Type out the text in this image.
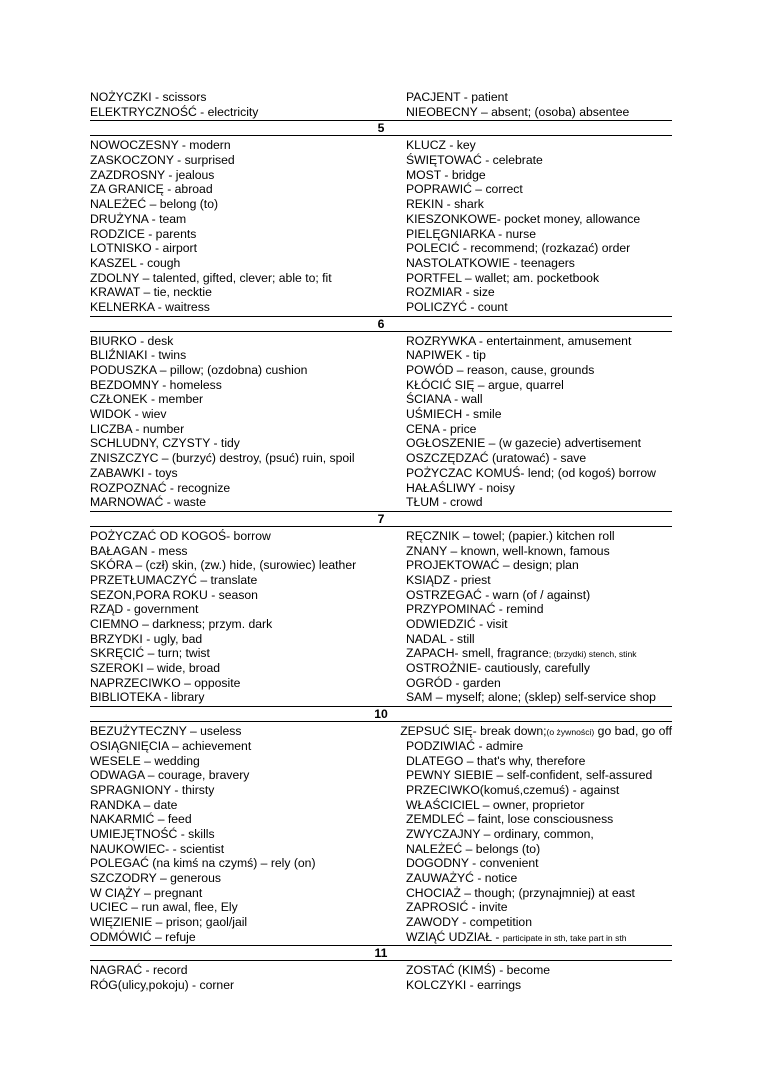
NOŻYCZKI - scissors	PACJENT - patient
ELEKTRYCZNOŚĆ - electricity	NIEOBECNY – absent; (osoba) absentee
5
NOWOCZESNY - modern	KLUCZ - key
ZASKOCZONY - surprised	ŚWIĘTOWAĆ - celebrate
ZAZDROSNY - jealous	MOST - bridge
ZA GRANICĘ - abroad	POPRAWIĆ – correct
NALEŻEĆ – belong (to)	REKIN - shark
DRUŻYNA - team	KIESZONKOWE- pocket money, allowance
RODZICE - parents	PIELĘGNIARKA - nurse
LOTNISKO - airport	POLECIĆ - recommend; (rozkazać) order
KASZEL - cough	NASTOLATKOWIE - teenagers
ZDOLNY – talented, gifted, clever; able to; fit	PORTFEL – wallet; am. pocketbook
KRAWAT – tie, necktie	ROZMIAR - size
KELNERKA - waitress	POLICZYĆ - count
6
BIURKO - desk	ROZRYWKA - entertainment, amusement
BLIŹNIAKI - twins	NAPIWEK - tip
PODUSZKA – pillow; (ozdobna) cushion	POWÓD – reason, cause, grounds
BEZDOMNY - homeless	KŁÓCIĆ SIĘ – argue, quarrel
CZŁONEK - member	ŚCIANA - wall
WIDOK - wiev	UŚMIECH - smile
LICZBA - number	CENA - price
SCHLUDNY, CZYSTY - tidy	OGŁOSZENIE – (w gazecie) advertisement
ZNISZCZYC – (burzyć) destroy, (psuć) ruin, spoil	OSZCZĘDZAĆ (uratować) - save
ZABAWKI - toys	POŻYCZAC KOMUŚ- lend; (od kogoś) borrow
ROZPOZNAĆ - recognize	HAŁAŚLIWY - noisy
MARNOWAĆ - waste	TŁUM - crowd
7
POŻYCZAĆ OD KOGOŚ- borrow	RĘCZNIK – towel; (papier.) kitchen roll
BAŁAGAN - mess	ZNANY – known, well-known, famous
SKÓRA – (czł) skin, (zw.) hide, (surowiec) leather	PROJEKTOWAĆ – design; plan
PRZETŁUMACZYĆ – translate	KSIĄDZ - priest
SEZON,PORA ROKU - season	OSTRZEGAĆ - warn (of / against)
RZĄD - government	PRZYPOMINAĆ - remind
CIEMNO – darkness; przym. dark	ODWIEDZIĆ - visit
BRZYDKI - ugly, bad	NADAL - still
SKRĘCIĆ – turn; twist	ZAPACH- smell, fragrance; (brzydki) stench, stink
SZEROKI – wide, broad	OSTROŻNIE- cautiously, carefully
NAPRZECIWKO – opposite	OGRÓD - garden
BIBLIOTEKA - library	SAM – myself; alone; (sklep) self-service shop
10
BEZUŻYTECZNY – useless	ZEPSUĆ SIĘ- break down;(o żywności) go bad, go off
OSIĄGNIĘCIA – achievement	PODZIWIAĆ - admire
WESELE – wedding	DLATEGO – that's why, therefore
ODWAGA – courage, bravery	PEWNY SIEBIE – self-confident, self-assured
SPRAGNIONY - thirsty	PRZECIWKO(komuś,czemuś) - against
RANDKA – date	WŁAŚCICIEL – owner, proprietor
NAKARMIĆ – feed	ZEMDLEĆ – faint, lose consciousness
UMIEJĘTNOŚĆ - skills	ZWYCZAJNY – ordinary, common,
NAUKOWIEC- - scientist	NALEŻEĆ – belongs (to)
POLEGAĆ (na kimś na czymś) – rely (on)	DOGODNY - convenient
SZCZODRY – generous	ZAUWAŻYĆ - notice
W CIĄŻY – pregnant	CHOCIAŻ – though; (przynajmniej) at east
UCIEC – run awal, flee, Ely	ZAPROSIĆ - invite
WIĘZIENIE – prison; gaol/jail	ZAWODY - competition
ODMÓWIĆ – refuje	WZIĄĆ UDZIAŁ - participate in sth, take part in sth
11
NAGRAĆ - record	ZOSTAĆ (KIMŚ) - become
RÓG(ulicy,pokoju) - corner	KOLCZYKI - earrings
